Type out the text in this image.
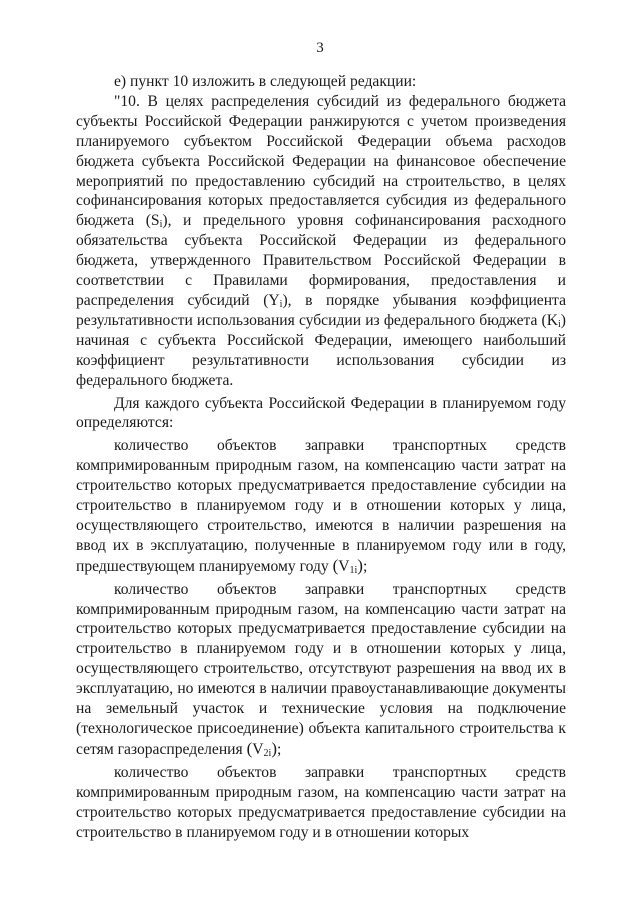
3

е) пункт 10 изложить в следующей редакции:

"10. В целях распределения субсидий из федерального бюджета субъекты Российской Федерации ранжируются с учетом произведения планируемого субъектом Российской Федерации объема расходов бюджета субъекта Российской Федерации на финансовое обеспечение мероприятий по предоставлению субсидий на строительство, в целях софинансирования которых предоставляется субсидия из федерального бюджета $(S_i)$, и предельного уровня софинансирования расходного обязательства субъекта Российской Федерации из федерального бюджета, утвержденного Правительством Российской Федерации в соответствии с Правилами формирования, предоставления и распределения субсидий $(Y_i)$, в порядке убывания коэффициента результативности использования субсидии из федерального бюджета $(K_i)$ начиная с субъекта Российской Федерации, имеющего наибольший коэффициент результативности использования субсидии из федерального бюджета.

Для каждого субъекта Российской Федерации в планируемом году определяются:

количество объектов заправки транспортных средств компримированным природным газом, на компенсацию части затрат на строительство которых предусматривается предоставление субсидии на строительство в планируемом году и в отношении которых у лица, осуществляющего строительство, имеются в наличии разрешения на ввод их в эксплуатацию, полученные в планируемом году или в году, предшествующем планируемому году $(V_{1i})$;

количество объектов заправки транспортных средств компримированным природным газом, на компенсацию части затрат на строительство которых предусматривается предоставление субсидии на строительство в планируемом году и в отношении которых у лица, осуществляющего строительство, отсутствуют разрешения на ввод их в эксплуатацию, но имеются в наличии правоустанавливающие документы на земельный участок и технические условия на подключение (технологическое присоединение) объекта капитального строительства к сетям газораспределения $(V_{2i})$;

количество объектов заправки транспортных средств компримированным природным газом, на компенсацию части затрат на строительство которых предусматривается предоставление субсидии на строительство в планируемом году и в отношении которых
